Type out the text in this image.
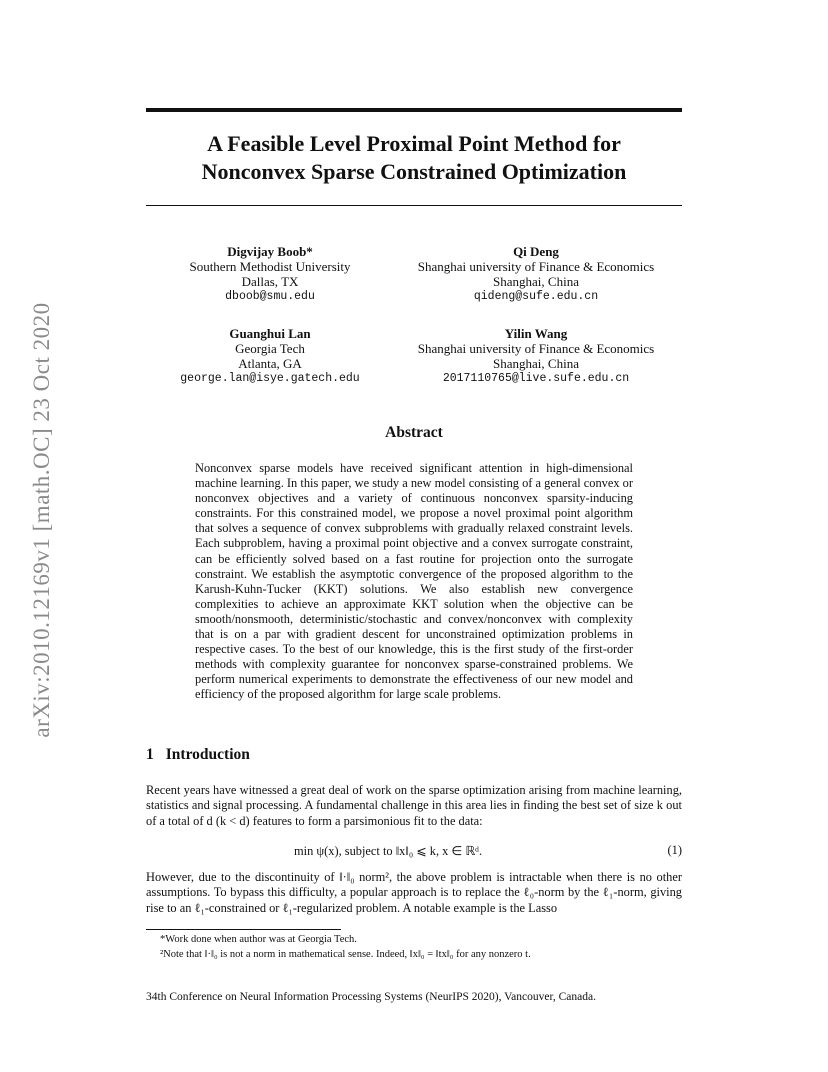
arXiv:2010.12169v1 [math.OC] 23 Oct 2020
A Feasible Level Proximal Point Method for
Nonconvex Sparse Constrained Optimization
Digvijay Boob*
Southern Methodist University
Dallas, TX
dboob@smu.edu
Qi Deng
Shanghai university of Finance & Economics
Shanghai, China
qideng@sufe.edu.cn
Guanghui Lan
Georgia Tech
Atlanta, GA
george.lan@isye.gatech.edu
Yilin Wang
Shanghai university of Finance & Economics
Shanghai, China
2017110765@live.sufe.edu.cn
Abstract
Nonconvex sparse models have received significant attention in high-dimensional machine learning. In this paper, we study a new model consisting of a general convex or nonconvex objectives and a variety of continuous nonconvex sparsity-inducing constraints. For this constrained model, we propose a novel proximal point algorithm that solves a sequence of convex subproblems with gradually relaxed constraint levels. Each subproblem, having a proximal point objective and a convex surrogate constraint, can be efficiently solved based on a fast routine for projection onto the surrogate constraint. We establish the asymptotic convergence of the proposed algorithm to the Karush-Kuhn-Tucker (KKT) solutions. We also establish new convergence complexities to achieve an approximate KKT solution when the objective can be smooth/nonsmooth, deterministic/stochastic and convex/nonconvex with complexity that is on a par with gradient descent for unconstrained optimization problems in respective cases. To the best of our knowledge, this is the first study of the first-order methods with complexity guarantee for nonconvex sparse-constrained problems. We perform numerical experiments to demonstrate the effectiveness of our new model and efficiency of the proposed algorithm for large scale problems.
1 Introduction
Recent years have witnessed a great deal of work on the sparse optimization arising from machine learning, statistics and signal processing. A fundamental challenge in this area lies in finding the best set of size k out of a total of d (k < d) features to form a parsimonious fit to the data:
min ψ(x), subject to ‖x‖₀ ⩽ k, x ∈ ℝᵈ.	(1)
However, due to the discontinuity of ‖·‖₀ norm², the above problem is intractable when there is no other assumptions. To bypass this difficulty, a popular approach is to replace the ℓ₀-norm by the ℓ₁-norm, giving rise to an ℓ₁-constrained or ℓ₁-regularized problem. A notable example is the Lasso
*Work done when author was at Georgia Tech.
²Note that ‖·‖₀ is not a norm in mathematical sense. Indeed, ‖x‖₀ = ‖tx‖₀ for any nonzero t.
34th Conference on Neural Information Processing Systems (NeurIPS 2020), Vancouver, Canada.
